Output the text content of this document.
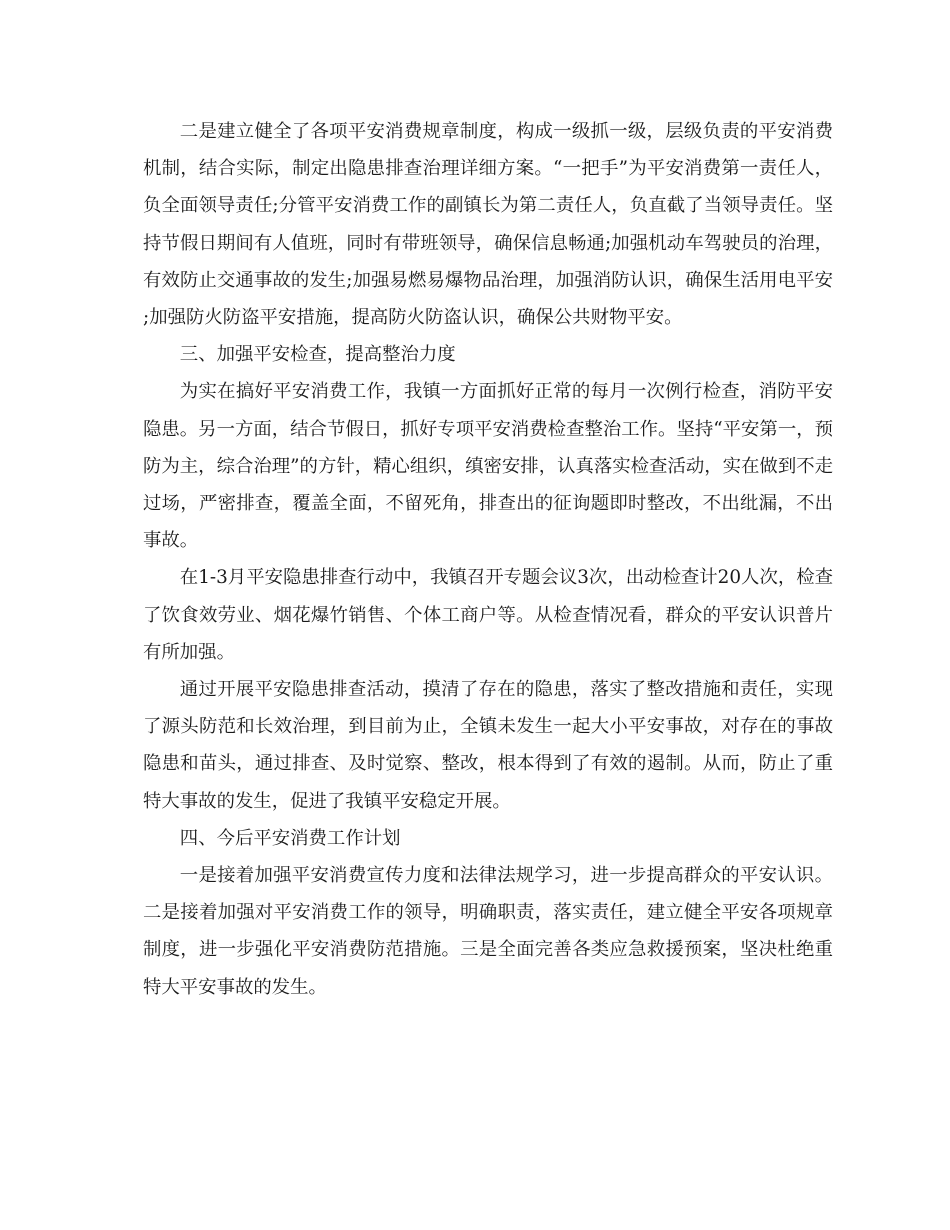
二是建立健全了各项平安消费规章制度，构成一级抓一级，层级负责的平安消费机制，结合实际，制定出隐患排查治理详细方案。“一把手”为平安消费第一责任人，负全面领导责任;分管平安消费工作的副镇长为第二责任人，负直截了当领导责任。坚持节假日期间有人值班，同时有带班领导，确保信息畅通;加强机动车驾驶员的治理，有效防止交通事故的发生;加强易燃易爆物品治理，加强消防认识，确保生活用电平安;加强防火防盗平安措施，提高防火防盗认识，确保公共财物平安。

三、加强平安检查，提高整治力度

为实在搞好平安消费工作，我镇一方面抓好正常的每月一次例行检查，消防平安隐患。另一方面，结合节假日，抓好专项平安消费检查整治工作。坚持“平安第一，预防为主，综合治理”的方针，精心组织，缜密安排，认真落实检查活动，实在做到不走过场，严密排查，覆盖全面，不留死角，排查出的征询题即时整改，不出纰漏，不出事故。

在1-3月平安隐患排查行动中，我镇召开专题会议3次，出动检查计20人次，检查了饮食效劳业、烟花爆竹销售、个体工商户等。从检查情况看，群众的平安认识普片有所加强。

通过开展平安隐患排查活动，摸清了存在的隐患，落实了整改措施和责任，实现了源头防范和长效治理，到目前为止，全镇未发生一起大小平安事故，对存在的事故隐患和苗头，通过排查、及时觉察、整改，根本得到了有效的遏制。从而，防止了重特大事故的发生，促进了我镇平安稳定开展。

四、今后平安消费工作计划

一是接着加强平安消费宣传力度和法律法规学习，进一步提高群众的平安认识。二是接着加强对平安消费工作的领导，明确职责，落实责任，建立健全平安各项规章制度，进一步强化平安消费防范措施。三是全面完善各类应急救援预案，坚决杜绝重特大平安事故的发生。
